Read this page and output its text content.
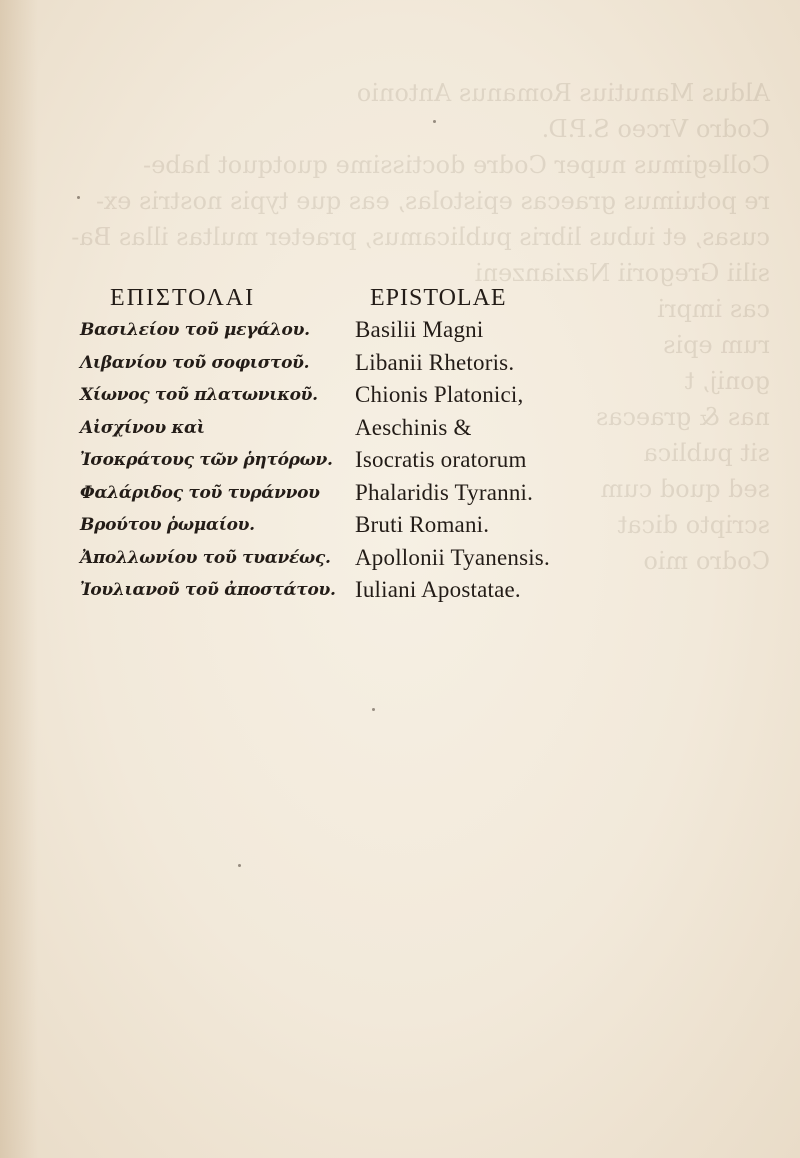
Aldus Manutius Romanus Antonio
Codro Vrceo S.P.D.
Collegimus nuper Codre doctissime quotquot habe-
re potuimus graecas epistolas, eas que typis nostris ex-
cusas, et iubus libris publicamus, praeter multas illas Ba-
silii Gregorii Nazianzeni
cas impri
rum epis
gonij, t
nas & graecas
sit publica
sed quod cum
scripto dicat
Codro mio
ΕΠΙΣΤΟΛΑΙ
Βασιλείου τοῦ μεγάλου.
Λιβανίου τοῦ σοφιστοῦ.
Χίωνος τοῦ πλατωνικοῦ.
Αἰσχίνου καὶ
Ἰσοκράτους τῶν ῥητόρων.
Φαλάριδος τοῦ τυράννου
Βρούτου ῥωμαίου.
Ἀπολλωνίου τοῦ τυανέως.
Ἰουλιανοῦ τοῦ ἀποστάτου.
EPISTOLAE
Basilii Magni
Libanii Rhetoris.
Chionis Platonici,
Aeschinis &
Isocratis oratorum
Phalaridis Tyranni.
Bruti Romani.
Apollonii Tyanensis.
Iuliani Apostatae.
